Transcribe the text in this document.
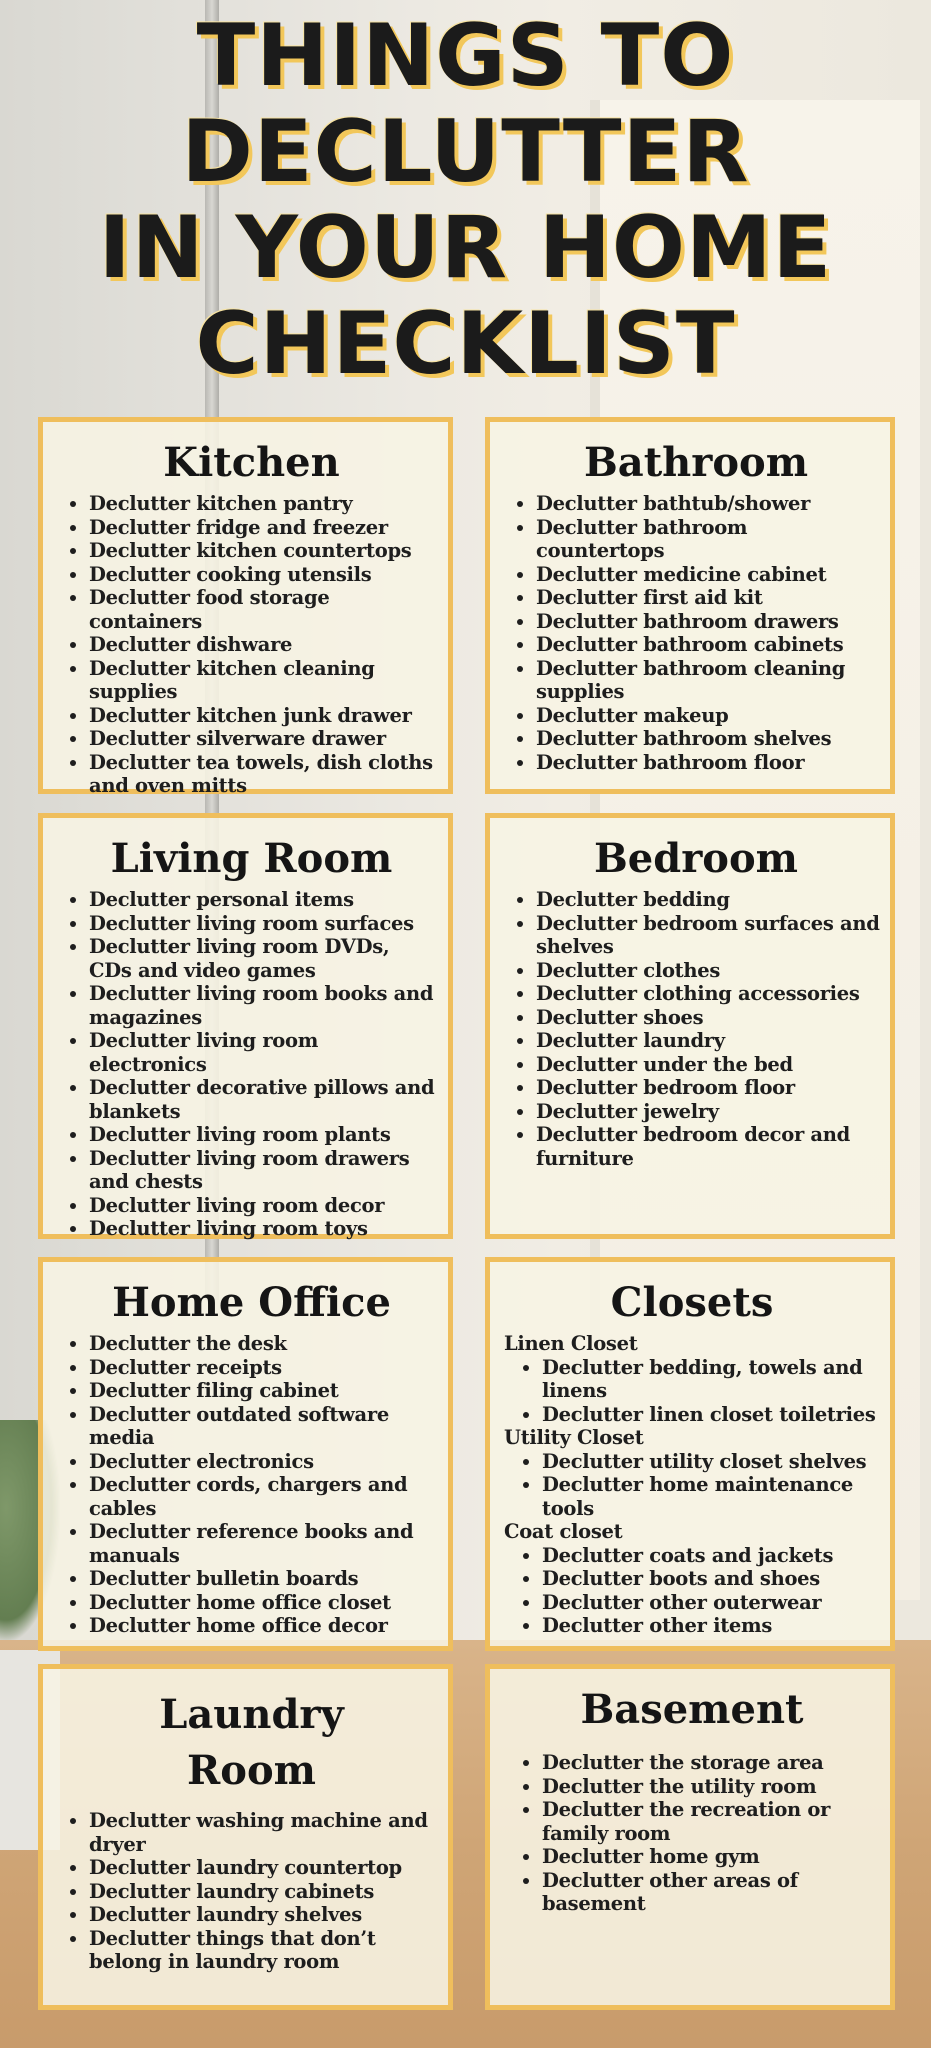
THINGS TO
DECLUTTER
IN YOUR HOME
CHECKLIST
Kitchen
• Declutter kitchen pantry
• Declutter fridge and freezer
• Declutter kitchen countertops
• Declutter cooking utensils
• Declutter food storage containers
• Declutter dishware
• Declutter kitchen cleaning supplies
• Declutter kitchen junk drawer
• Declutter silverware drawer
• Declutter tea towels, dish cloths and oven mitts
Bathroom
• Declutter bathtub/shower
• Declutter bathroom countertops
• Declutter medicine cabinet
• Declutter first aid kit
• Declutter bathroom drawers
• Declutter bathroom cabinets
• Declutter bathroom cleaning supplies
• Declutter makeup
• Declutter bathroom shelves
• Declutter bathroom floor
Living Room
• Declutter personal items
• Declutter living room surfaces
• Declutter living room DVDs, CDs and video games
• Declutter living room books and magazines
• Declutter living room electronics
• Declutter decorative pillows and blankets
• Declutter living room plants
• Declutter living room drawers and chests
• Declutter living room decor
• Declutter living room toys
Bedroom
• Declutter bedding
• Declutter bedroom surfaces and shelves
• Declutter clothes
• Declutter clothing accessories
• Declutter shoes
• Declutter laundry
• Declutter under the bed
• Declutter bedroom floor
• Declutter jewelry
• Declutter bedroom decor and furniture
Home Office
• Declutter the desk
• Declutter receipts
• Declutter filing cabinet
• Declutter outdated software media
• Declutter electronics
• Declutter cords, chargers and cables
• Declutter reference books and manuals
• Declutter bulletin boards
• Declutter home office closet
• Declutter home office decor
Closets
Linen Closet
• Declutter bedding, towels and linens
• Declutter linen closet toiletries
Utility Closet
• Declutter utility closet shelves
• Declutter home maintenance tools
Coat closet
• Declutter coats and jackets
• Declutter boots and shoes
• Declutter other outerwear
• Declutter other items
Laundry
Room
• Declutter washing machine and dryer
• Declutter laundry countertop
• Declutter laundry cabinets
• Declutter laundry shelves
• Declutter things that don’t belong in laundry room
Basement
• Declutter the storage area
• Declutter the utility room
• Declutter the recreation or family room
• Declutter home gym
• Declutter other areas of basement
